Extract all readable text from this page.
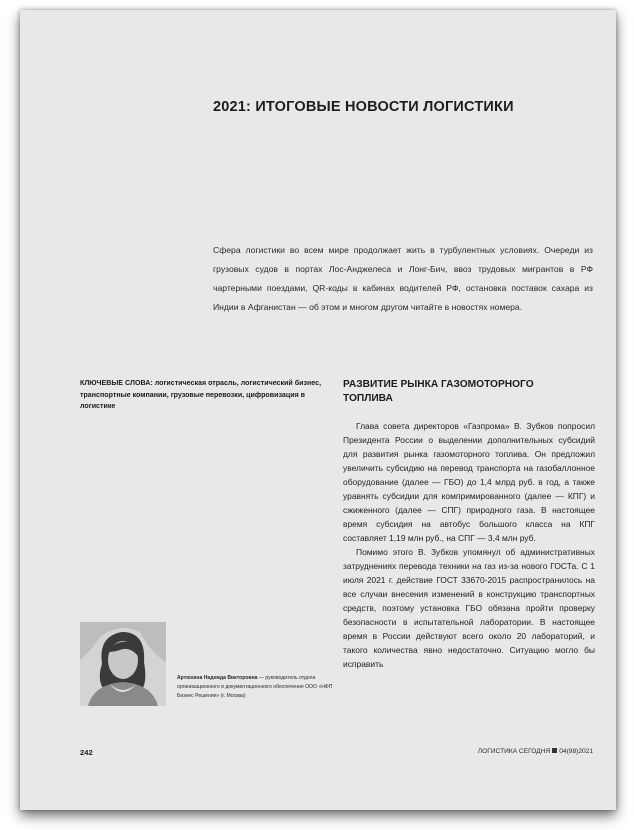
2021: ИТОГОВЫЕ НОВОСТИ ЛОГИСТИКИ

Сфера логистики во всем мире продолжает жить в турбулентных условиях. Очереди из грузовых судов в портах Лос-Анджелеса и Лонг-Бич, ввоз трудовых мигрантов в РФ чартерными поездами, QR-коды в кабинах водителей РФ, остановка поставок сахара из Индии в Афганистан — об этом и многом другом читайте в новостях номера.

КЛЮЧЕВЫЕ СЛОВА: логистическая отрасль, логистический бизнес, транспортные компании, грузовые перевозки, цифровизация в логистике

РАЗВИТИЕ РЫНКА ГАЗОМОТОРНОГО ТОПЛИВА

Глава совета директоров «Газпрома» В. Зубков попросил Президента России о выделении дополнительных субсидий для развития рынка газомоторного топлива. Он предложил увеличить субсидию на перевод транспорта на газобаллонное оборудование (далее — ГБО) до 1,4 млрд руб. в год, а также уравнять субсидии для компримированного (далее — КПГ) и сжиженного (далее — СПГ) природного газа. В настоящее время субсидия на автобус большого класса на КПГ составляет 1,19 млн руб., на СПГ — 3,4 млн руб.

Помимо этого В. Зубков упомянул об административных затруднениях перевода техники на газ из-за нового ГОСТа. С 1 июля 2021 г. действие ГОСТ 33670-2015 распространилось на все случаи внесения изменений в конструкцию транспортных средств, поэтому установка ГБО обязана пройти проверку безопасности в испытательной лаборатории. В настоящее время в России действуют всего около 20 лабораторий, и такого количества явно недостаточно. Ситуацию могло бы исправить

Артюхина Надежда Викторовна — руководитель отдела организационного и документационного обеспечения ООО «НФП Бизнес Решения» (г. Москва)

242	ЛОГИСТИКА СЕГОДНЯ 04(98)2021
